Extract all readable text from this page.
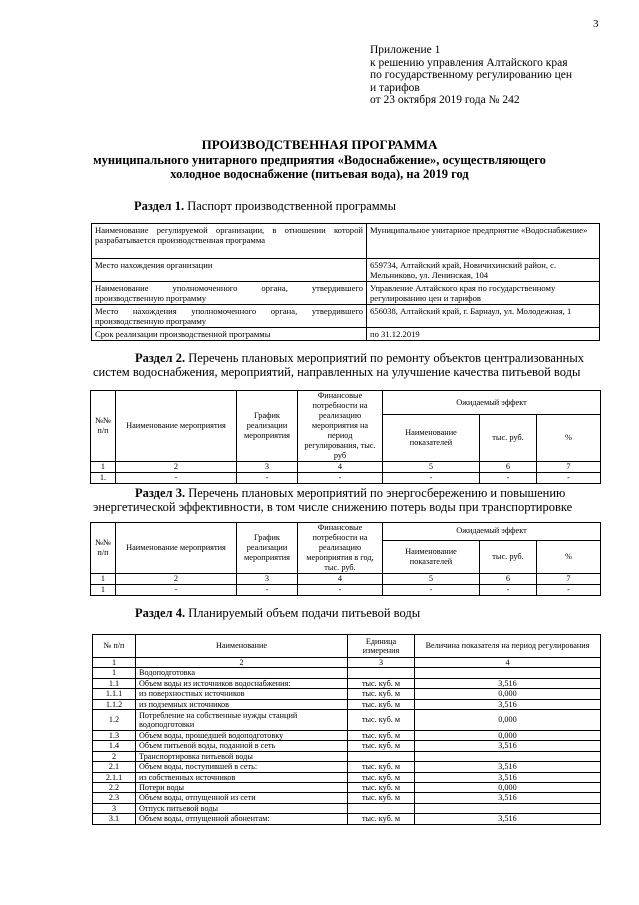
3
Приложение 1
к решению управления Алтайского края
по государственному регулированию цен
и тарифов
от 23 октября 2019 года № 242
ПРОИЗВОДСТВЕННАЯ ПРОГРАММА
муниципального унитарного предприятия «Водоснабжение», осуществляющего
холодное водоснабжение (питьевая вода), на 2019 год
Раздел 1. Паспорт производственной программы
Наименование регулируемой организации, в отношении которой разрабатывается производственная программа	Муниципальное унитарное предприятие «Водоснабжение»
Место нахождения организации	659734, Алтайский край, Новичихинский район, с. Мельниково, ул. Ленинская, 104
Наименование уполномоченного органа, утвердившего производственную программу	Управление Алтайского края по государственному регулированию цен и тарифов
Место нахождения уполномоченного органа, утвердившего производственную программу	656038, Алтайский край, г. Барнаул, ул. Молодежная, 1
Срок реализации производственной программы	по 31.12.2019
Раздел 2. Перечень плановых мероприятий по ремонту объектов централизованных
систем водоснабжения, мероприятий, направленных на улучшение качества питьевой воды
№№ п/п	Наименование мероприятия	График реализации мероприятия	Финансовые потребности на реализацию мероприятия на период регулирования, тыс. руб	Ожидаемый эффект		
				Наименование показателей	тыс. руб.	%
1	2	3	4	5	6	7
1.	-	-	-	-	-	-
Раздел 3. Перечень плановых мероприятий по энергосбережению и повышению
энергетической эффективности, в том числе снижению потерь воды при транспортировке
№№ п/п	Наименование мероприятия	График реализации мероприятия	Финансовые потребности на реализацию мероприятия в год, тыс. руб.	Ожидаемый эффект		
				Наименование показателей	тыс. руб.	%
1	2	3	4	5	6	7
1	-	-	-	-	-	-
Раздел 4. Планируемый объем подачи питьевой воды
№ п/п	Наименование	Единица измерения	Величина показателя на период регулирования
1	2	3	4
1	Водоподготовка		
1.1	Объем воды из источников водоснабжения:	тыс. куб. м	3,516
1.1.1	из поверхностных источников	тыс. куб. м	0,000
1.1.2	из подземных источников	тыс. куб. м	3,516
1.2	Потребление на собственные нужды станций водоподготовки	тыс. куб. м	0,000
1.3	Объем воды, прошедшей водоподготовку	тыс. куб. м	0,000
1.4	Объем питьевой воды, поданной в сеть	тыс. куб. м	3,516
2	Транспортировка питьевой воды		
2.1	Объем воды, поступившей в сеть:	тыс. куб. м	3,516
2.1.1	из собственных источников	тыс. куб. м	3,516
2.2	Потери воды	тыс. куб. м	0,000
2.3	Объем воды, отпущенной из сети	тыс. куб. м	3,516
3	Отпуск питьевой воды		
3.1	Объем воды, отпущенной абонентам:	тыс. куб. м	3,516
